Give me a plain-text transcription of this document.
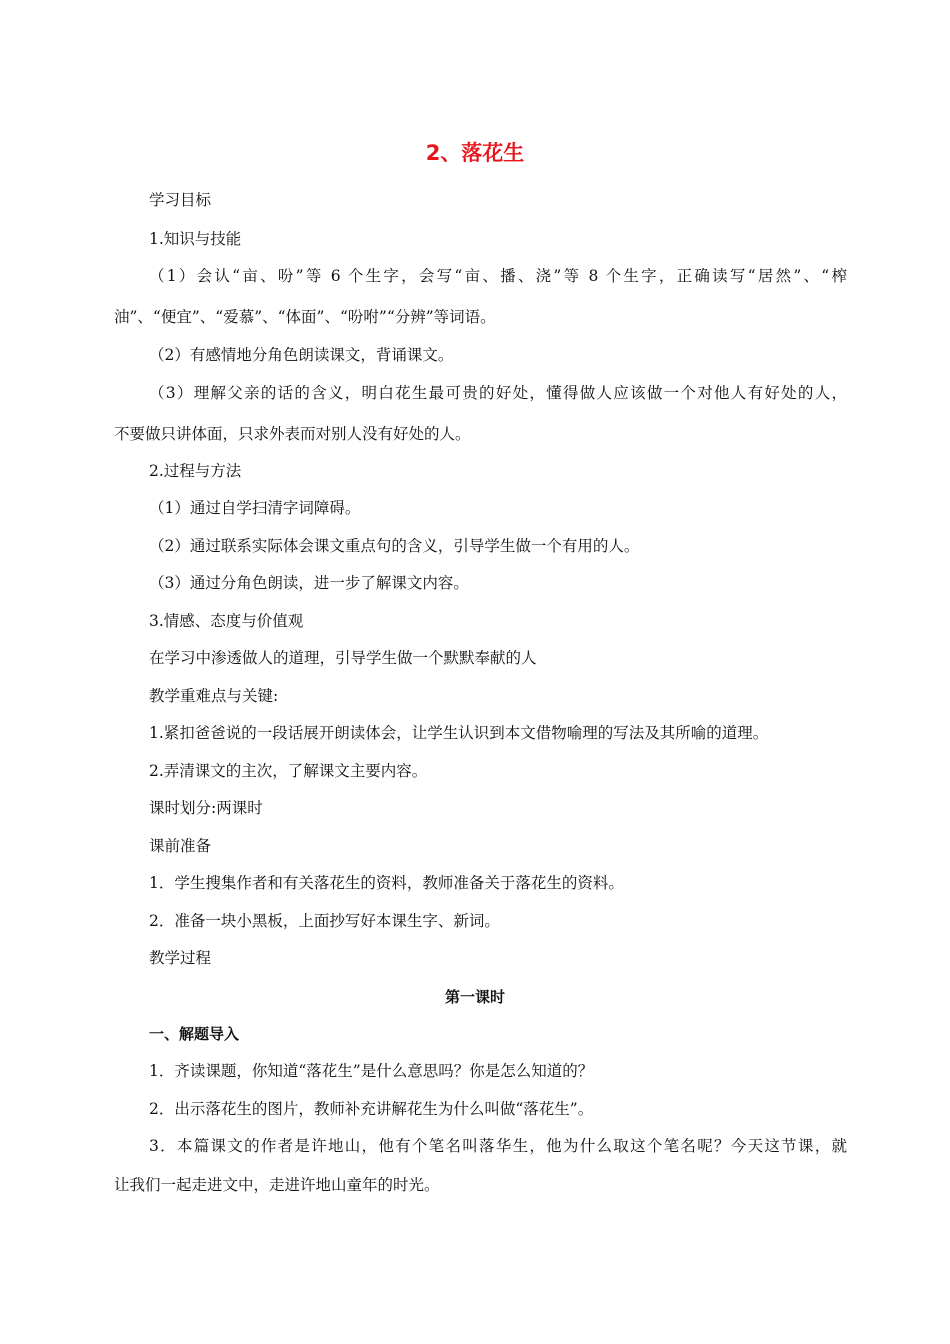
2、落花生
学习目标
1.知识与技能
（1）会认“亩、吩”等 6 个生字，会写“亩、播、浇”等 8 个生字，正确读写“居然”、“榨
油”、“便宜”、“爱慕”、“体面”、“吩咐”“分辨”等词语。
（2）有感情地分角色朗读课文，背诵课文。
（3）理解父亲的话的含义，明白花生最可贵的好处，懂得做人应该做一个对他人有好处的人，
不要做只讲体面，只求外表而对别人没有好处的人。
2.过程与方法
（1）通过自学扫清字词障碍。
（2）通过联系实际体会课文重点句的含义，引导学生做一个有用的人。
（3）通过分角色朗读，进一步了解课文内容。
3.情感、态度与价值观
在学习中渗透做人的道理，引导学生做一个默默奉献的人
教学重难点与关键:
1.紧扣爸爸说的一段话展开朗读体会，让学生认识到本文借物喻理的写法及其所喻的道理。
2.弄清课文的主次，了解课文主要内容。
课时划分:两课时
课前准备
1．学生搜集作者和有关落花生的资料，教师准备关于落花生的资料。
2．准备一块小黑板，上面抄写好本课生字、新词。
教学过程
第一课时
一、解题导入
1．齐读课题，你知道“落花生”是什么意思吗？你是怎么知道的？
2．出示落花生的图片，教师补充讲解花生为什么叫做“落花生”。
3．本篇课文的作者是许地山，他有个笔名叫落华生，他为什么取这个笔名呢？今天这节课，就
让我们一起走进文中，走进许地山童年的时光。
